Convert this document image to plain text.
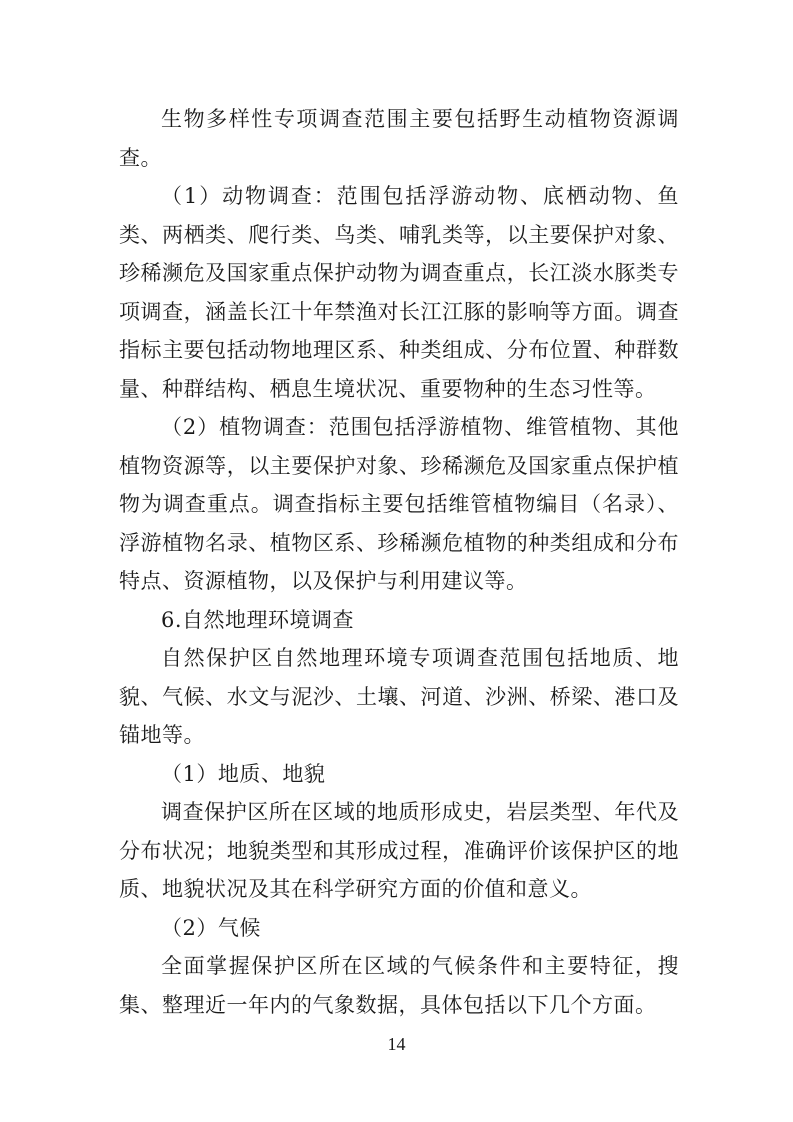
生物多样性专项调查范围主要包括野生动植物资源调查。

（1）动物调查：范围包括浮游动物、底栖动物、鱼类、两栖类、爬行类、鸟类、哺乳类等，以主要保护对象、珍稀濒危及国家重点保护动物为调查重点，长江淡水豚类专项调查，涵盖长江十年禁渔对长江江豚的影响等方面。调查指标主要包括动物地理区系、种类组成、分布位置、种群数量、种群结构、栖息生境状况、重要物种的生态习性等。

（2）植物调查：范围包括浮游植物、维管植物、其他植物资源等，以主要保护对象、珍稀濒危及国家重点保护植物为调查重点。调查指标主要包括维管植物编目（名录）、浮游植物名录、植物区系、珍稀濒危植物的种类组成和分布特点、资源植物，以及保护与利用建议等。

6.自然地理环境调查

自然保护区自然地理环境专项调查范围包括地质、地貌、气候、水文与泥沙、土壤、河道、沙洲、桥梁、港口及锚地等。

（1）地质、地貌

调查保护区所在区域的地质形成史，岩层类型、年代及分布状况；地貌类型和其形成过程，准确评价该保护区的地质、地貌状况及其在科学研究方面的价值和意义。

（2）气候

全面掌握保护区所在区域的气候条件和主要特征，搜集、整理近一年内的气象数据，具体包括以下几个方面。

14
